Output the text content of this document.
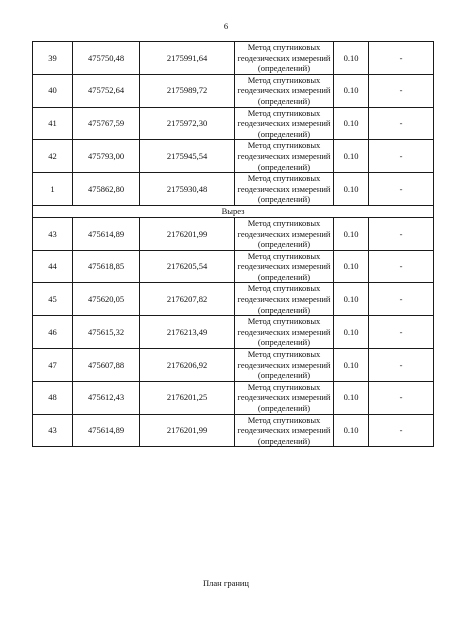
6
39	475750,48	2175991,64	Метод спутниковых геодезических измерений (определений)	0.10	-
40	475752,64	2175989,72	Метод спутниковых геодезических измерений (определений)	0.10	-
41	475767,59	2175972,30	Метод спутниковых геодезических измерений (определений)	0.10	-
42	475793,00	2175945,54	Метод спутниковых геодезических измерений (определений)	0.10	-
1	475862,80	2175930,48	Метод спутниковых геодезических измерений (определений)	0.10	-
Вырез					
43	475614,89	2176201,99	Метод спутниковых геодезических измерений (определений)	0.10	-
44	475618,85	2176205,54	Метод спутниковых геодезических измерений (определений)	0.10	-
45	475620,05	2176207,82	Метод спутниковых геодезических измерений (определений)	0.10	-
46	475615,32	2176213,49	Метод спутниковых геодезических измерений (определений)	0.10	-
47	475607,88	2176206,92	Метод спутниковых геодезических измерений (определений)	0.10	-
48	475612,43	2176201,25	Метод спутниковых геодезических измерений (определений)	0.10	-
43	475614,89	2176201,99	Метод спутниковых геодезических измерений (определений)	0.10	-
План границ
